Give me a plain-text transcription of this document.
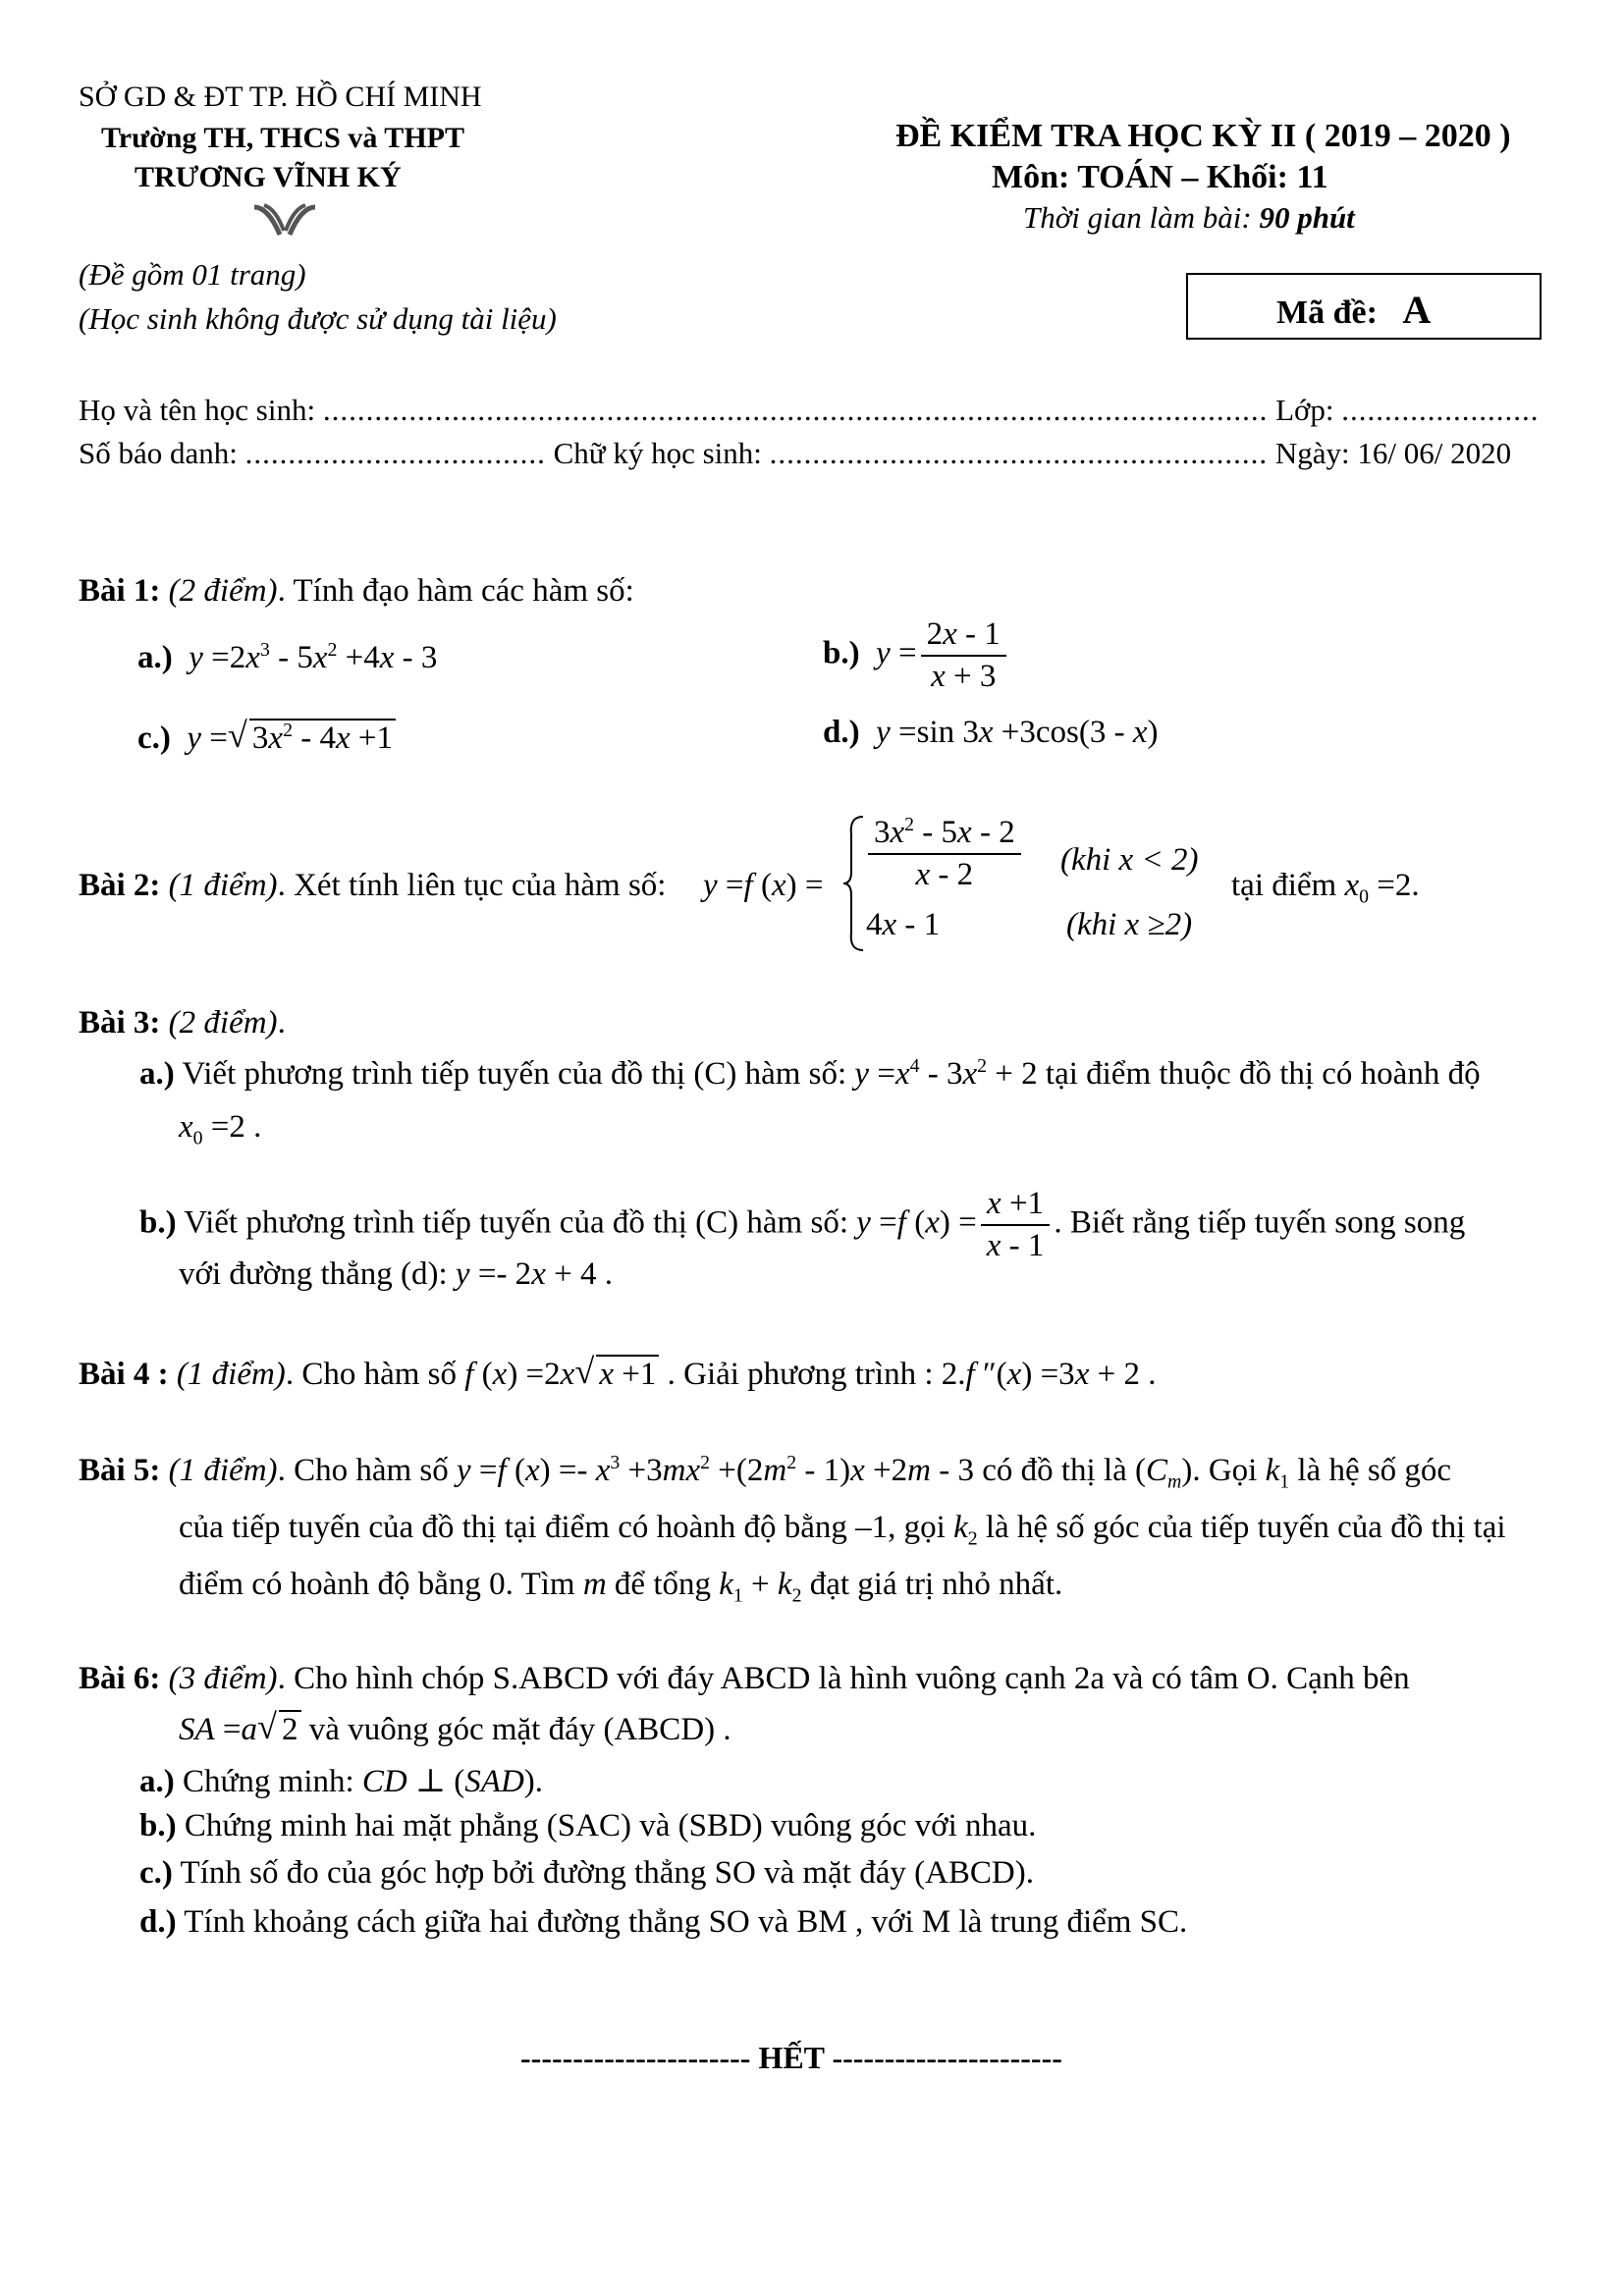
SỞ GD & ĐT TP. HỒ CHÍ MINH
Trường TH, THCS và THPT
TRƯƠNG VĨNH KÝ
(Đề gồm 01 trang)
(Học sinh không được sử dụng tài liệu)
ĐỀ KIỂM TRA HỌC KỲ II ( 2019 – 2020 )
Môn: TOÁN – Khối: 11
Thời gian làm bài: 90 phút
Mã đề: A
Họ và tên học sinh: .............................................................................................................. Lớp: .......................
Số báo danh: ................................... Chữ ký học sinh: .......................................................... Ngày: 16/ 06/ 2020
Bài 1: (2 điểm). Tính đạo hàm các hàm số:
a.) $y =2x^3 - 5x^2 +4x - 3$	b.) $y = \frac{2x - 1}{x + 3}$
c.) y = √ $3x^2 - 4x +1$	d.) y =sin 3x +3cos(3 - x)
Bài 2: (1 điểm). Xét tính liên tục của hàm số: y =f $(x) = \frac{3x^2 - 5x - 2}{x - 2} (khi$ x < 2)
4x - 1	(khi x ≥2)
tại điểm $x_0 =2$.
Bài 3: (2 điểm).
a.) Viết phương trình tiếp tuyến của đồ thị (C) hàm số: $y =x^4 - 3x^2 + 2$ tại điểm thuộc đồ thị có hoành độ
$x_0 =2$ .
b.) Viết phương trình tiếp tuyến của đồ thị (C) hàm số: y =f $(x) = \frac{x +1}{x - 1}$ . Biết rằng tiếp tuyến song song
với đường thẳng (d): y =- 2x + 4 .
Bài 4 : (1 điểm). Cho hàm số f (x) =2x √ x +1 . Giải phương trình : 2.f ″(x) =3x + 2 .
Bài 5: (1 điểm). Cho hàm số y =f $(x) =- x^3 +3mx^2 +(2m^2 - 1)x +2m - 3$ có đồ thị là $(C_m)$. Gọi $k_1$ là hệ số góc
của tiếp tuyến của đồ thị tại điểm có hoành độ bằng –1, gọi $k_2$ là hệ số góc của tiếp tuyến của đồ thị tại
điểm có hoành độ bằng 0. Tìm m để tổng $k_1 + k_2$ đạt giá trị nhỏ nhất.
Bài 6: (3 điểm). Cho hình chóp S.ABCD với đáy ABCD là hình vuông cạnh 2a và có tâm O. Cạnh bên
SA =a √ 2 và vuông góc mặt đáy (ABCD) .
a.) Chứng minh: CD ⊥ (SAD).
b.) Chứng minh hai mặt phẳng (SAC) và (SBD) vuông góc với nhau.
c.) Tính số đo của góc hợp bởi đường thẳng SO và mặt đáy (ABCD).
d.) Tính khoảng cách giữa hai đường thẳng SO và BM , với M là trung điểm SC.
---------------------- HẾT ----------------------
